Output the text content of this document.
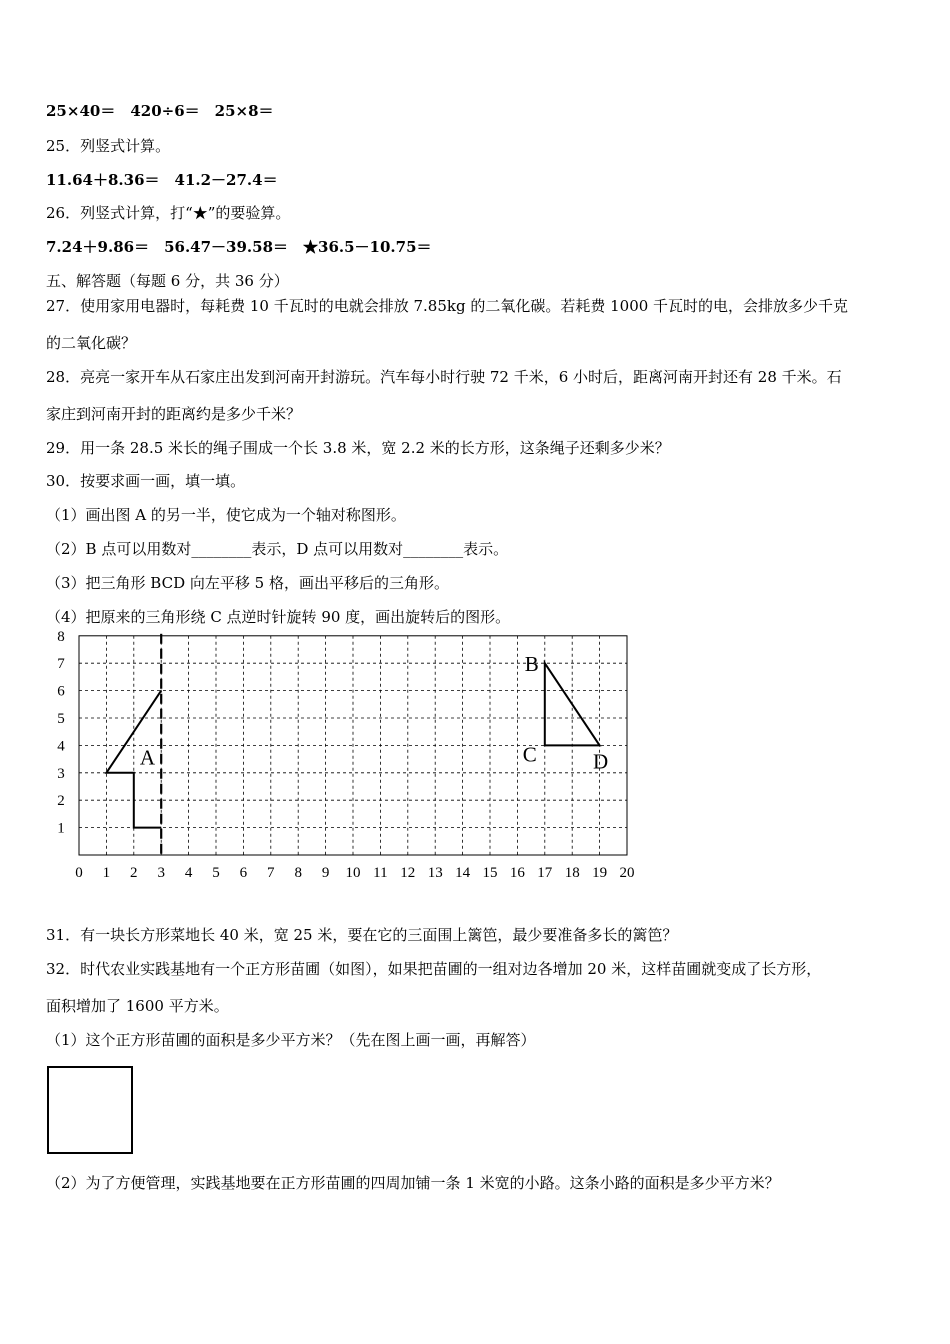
25×40＝　420÷6＝　25×8＝
25．列竖式计算。
11.64＋8.36＝　41.2－27.4＝
26．列竖式计算，打“★”的要验算。
7.24＋9.86＝　56.47－39.58＝　★36.5－10.75＝
五、解答题（每题 6 分，共 36 分）
27．使用家用电器时，每耗费 10 千瓦时的电就会排放 7.85kg 的二氧化碳。若耗费 1000 千瓦时的电，会排放多少千克
的二氧化碳？
28．亮亮一家开车从石家庄出发到河南开封游玩。汽车每小时行驶 72 千米，6 小时后，距离河南开封还有 28 千米。石
家庄到河南开封的距离约是多少千米？
29．用一条 28.5 米长的绳子围成一个长 3.8 米，宽 2.2 米的长方形，这条绳子还剩多少米？
30．按要求画一画，填一填。
（1）画出图 A 的另一半，使它成为一个轴对称图形。
（2）B 点可以用数对________表示，D 点可以用数对________表示。
（3）把三角形 BCD 向左平移 5 格，画出平移后的三角形。
（4）把原来的三角形绕 C 点逆时针旋转 90 度，画出旋转后的图形。
0 1 2 3 4 5 6 7 8 9 10 11 12 13 14 15 16 17 18 19 20
1
2
3
4
5
6
7
8
A
B
C	D
31．有一块长方形菜地长 40 米，宽 25 米，要在它的三面围上篱笆，最少要准备多长的篱笆？
32．时代农业实践基地有一个正方形苗圃（如图），如果把苗圃的一组对边各增加 20 米，这样苗圃就变成了长方形，
面积增加了 1600 平方米。
（1）这个正方形苗圃的面积是多少平方米？（先在图上画一画，再解答）
（2）为了方便管理，实践基地要在正方形苗圃的四周加铺一条 1 米宽的小路。这条小路的面积是多少平方米？
